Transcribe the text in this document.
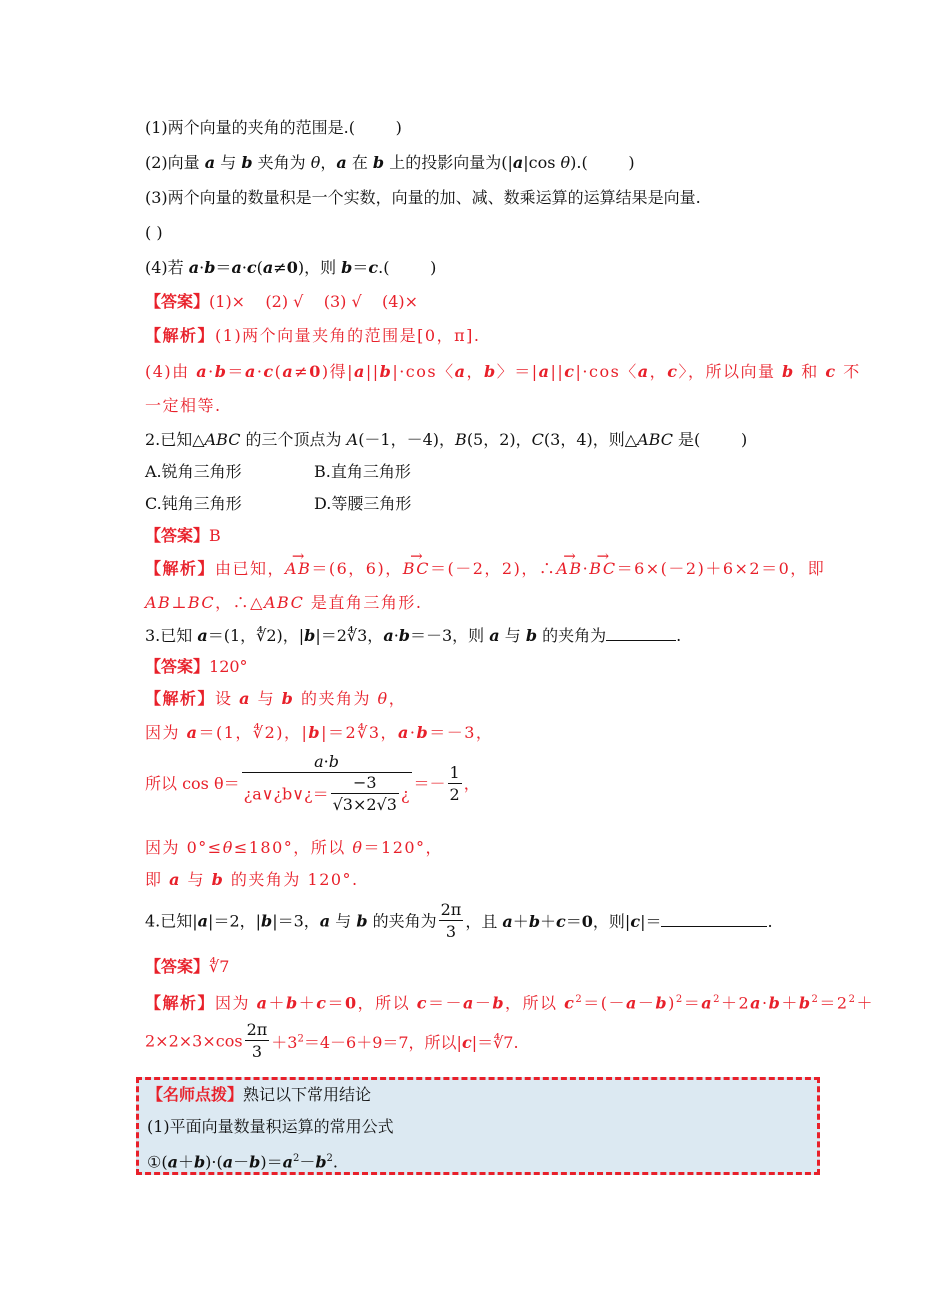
(1)两个向量的夹角的范围是.(        )
(2)向量 a 与 b 夹角为 θ，a 在 b 上的投影向量为(|a|cos θ).(        )
(3)两个向量的数量积是一个实数，向量的加、减、数乘运算的运算结果是向量.
( )
(4)若 a·b＝a·c(a≠0)，则 b＝c.(        )
【答案】(1)×    (2) √    (3) √    (4)×
【解析】(1)两个向量夹角的范围是[0，π].
(4)由 a·b＝a·c(a≠0)得|a||b|·cos〈a，b〉＝|a||c|·cos〈a，c〉，所以向量 b 和 c 不
一定相等.
2.已知△ABC 的三个顶点为 A(－1，－4)，B(5，2)，C(3，4)，则△ABC 是(        )
A.锐角三角形	B.直角三角形
C.钝角三角形	D.等腰三角形
【答案】B
【解析】由已知，→ AB＝(6，6)，→ BC＝(－2，2)，∴→ AB·→ BC＝6×(－2)＋6×2＝0，即
AB⊥BC，∴△ABC 是直角三角形.
3.已知 a＝(1，∜2)，|b|＝2∜3，a·b＝－3，则 a 与 b 的夹角为	.
【答案】120°
【解析】设 a 与 b 的夹角为 θ，
因为 a＝(1，∜2)，|b|＝2∜3，a·b＝－3，
所以 $\cos \theta= \frac{a\cdot b}{¿a\vee¿b\vee¿= \frac{-3}{√3\times 2√3} ¿} =- \frac{1}{2}$ ，
因为 0°≤θ≤180°，所以 θ＝120°，
即 a 与 b 的夹角为 120°.
4.已知|a|＝2，|b|＝3，a 与 b 的夹角为 $\frac{2\pi}{3}$ ，且 a＋b＋c＝0，则|c|＝	.
【答案】∜7
【解析】因为 a＋b＋c＝0，所以 c＝－a－b，所以 $c^2=(-a-b)^2=a^2+2a\cdot b+b^2=2^2+$
$2\times 2\times 3\times\cos \frac{2\pi}{3} +3^2=4-6+9=7$，所以|c|＝∜7.
【名师点拨】熟记以下常用结论
(1)平面向量数量积运算的常用公式
$①(a+b)\cdot(a-b)=a^2-b^2$.
